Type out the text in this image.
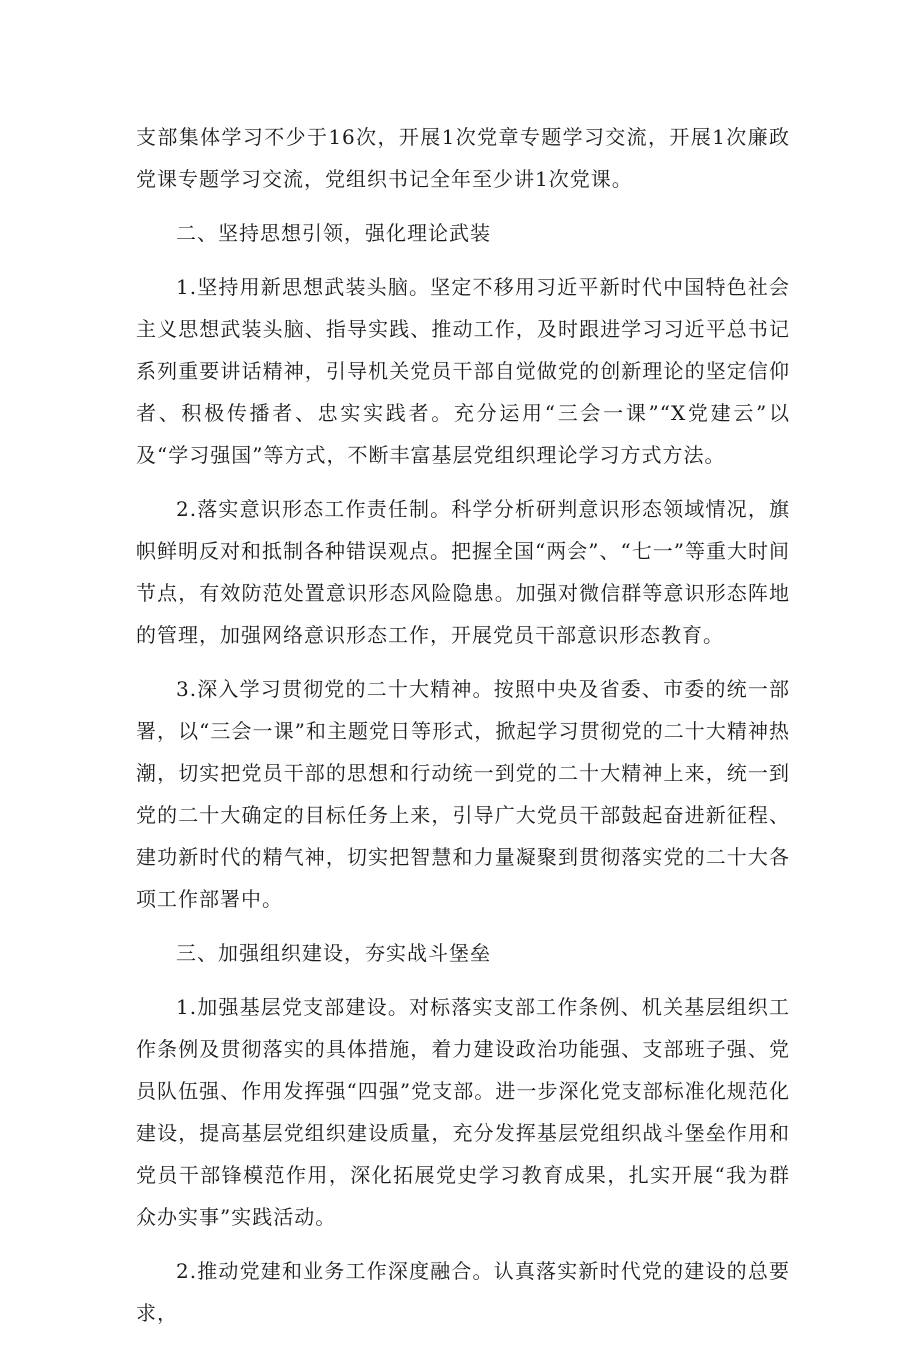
支部集体学习不少于16次，开展1次党章专题学习交流，开展1次廉政党课专题学习交流，党组织书记全年至少讲1次党课。

二、坚持思想引领，强化理论武装

1.坚持用新思想武装头脑。坚定不移用习近平新时代中国特色社会主义思想武装头脑、指导实践、推动工作，及时跟进学习习近平总书记系列重要讲话精神，引导机关党员干部自觉做党的创新理论的坚定信仰者、积极传播者、忠实实践者。充分运用“三会一课”“X党建云”以及“学习强国”等方式，不断丰富基层党组织理论学习方式方法。

2.落实意识形态工作责任制。科学分析研判意识形态领域情况，旗帜鲜明反对和抵制各种错误观点。把握全国“两会”、“七一”等重大时间节点，有效防范处置意识形态风险隐患。加强对微信群等意识形态阵地的管理，加强网络意识形态工作，开展党员干部意识形态教育。

3.深入学习贯彻党的二十大精神。按照中央及省委、市委的统一部署，以“三会一课”和主题党日等形式，掀起学习贯彻党的二十大精神热潮，切实把党员干部的思想和行动统一到党的二十大精神上来，统一到党的二十大确定的目标任务上来，引导广大党员干部鼓起奋进新征程、建功新时代的精气神，切实把智慧和力量凝聚到贯彻落实党的二十大各项工作部署中。

三、加强组织建设，夯实战斗堡垒

1.加强基层党支部建设。对标落实支部工作条例、机关基层组织工作条例及贯彻落实的具体措施，着力建设政治功能强、支部班子强、党员队伍强、作用发挥强“四强”党支部。进一步深化党支部标准化规范化建设，提高基层党组织建设质量，充分发挥基层党组织战斗堡垒作用和党员干部锋模范作用，深化拓展党史学习教育成果，扎实开展“我为群众办实事”实践活动。

2.推动党建和业务工作深度融合。认真落实新时代党的建设的总要求，
